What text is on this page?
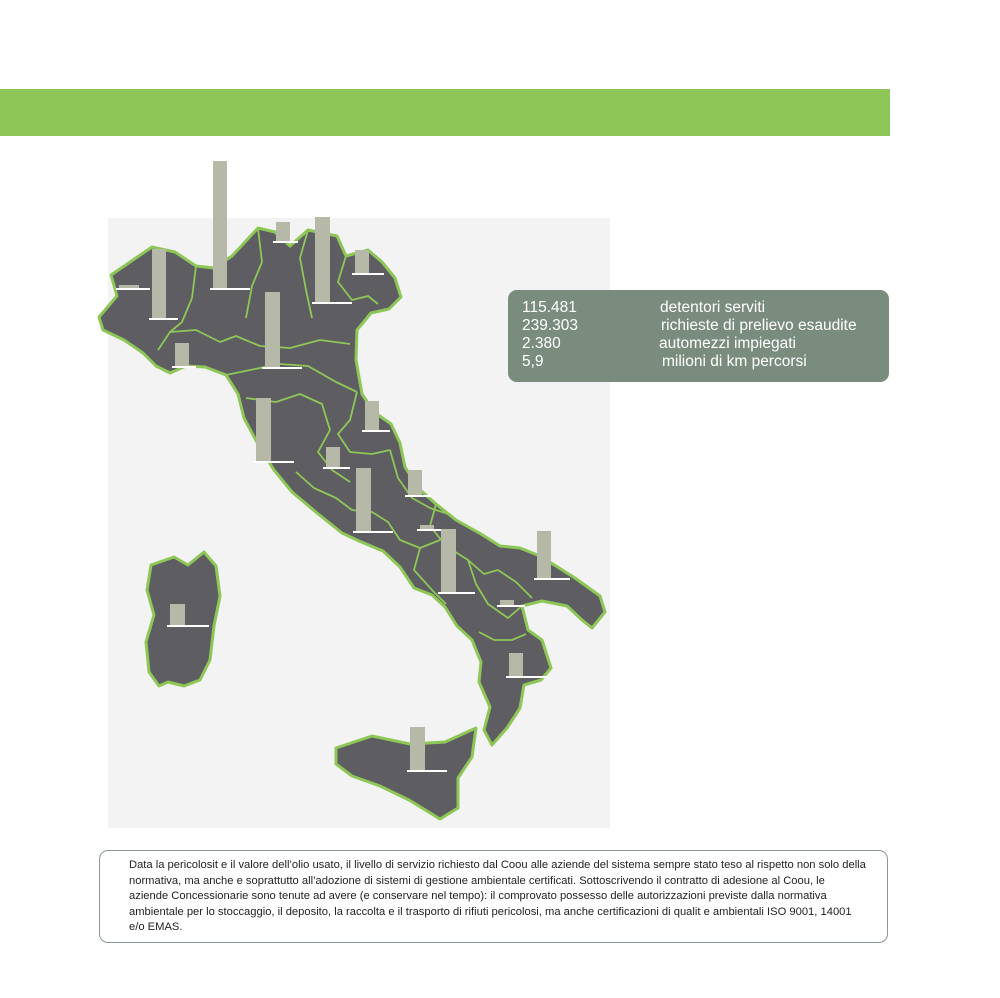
115.481	detentori serviti
239.303	richieste di prelievo esaudite
2.380	automezzi impiegati
5,9	milioni di km percorsi
Data la pericolosit e il valore dell’olio usato, il livello di servizio richiesto dal Coou alle aziende del sistema sempre stato teso al rispetto non solo della normativa, ma anche e soprattutto all’adozione di sistemi di gestione ambientale certificati. Sottoscrivendo il contratto di adesione al Coou, le aziende Concessionarie sono tenute ad avere (e conservare nel tempo): il comprovato possesso delle autorizzazioni previste dalla normativa ambientale per lo stoccaggio, il deposito, la raccolta e il trasporto di rifiuti pericolosi, ma anche certificazioni di qualit e ambientali ISO 9001, 14001 e/o EMAS.
